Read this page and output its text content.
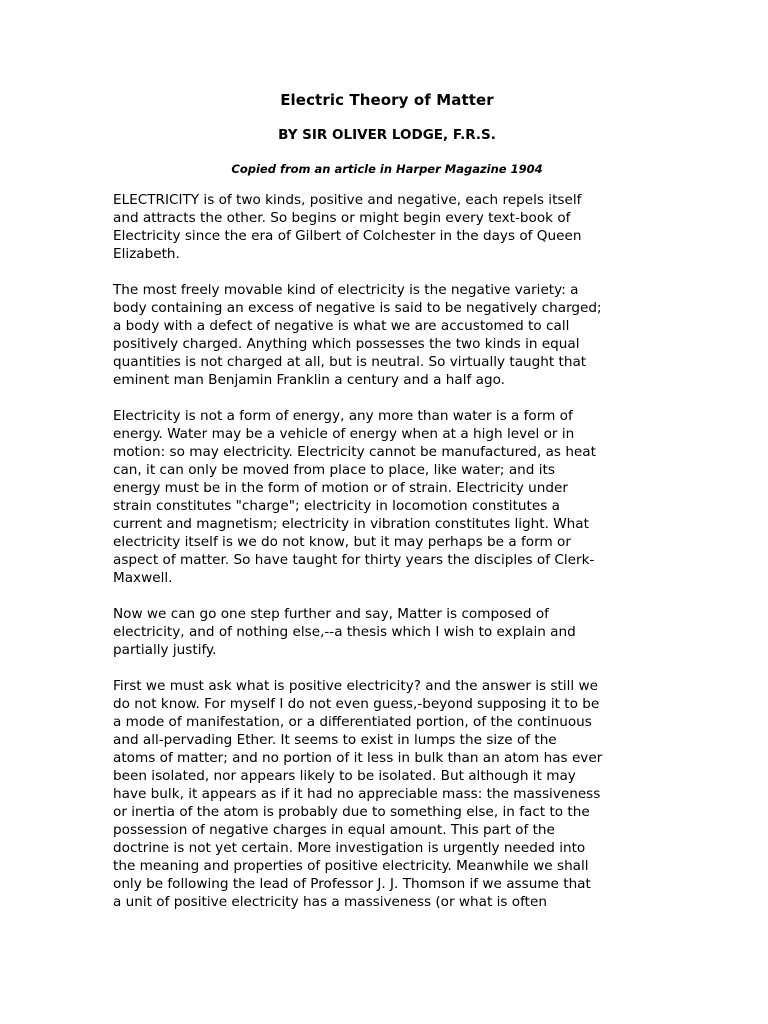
Electric Theory of Matter
BY SIR OLIVER LODGE, F.R.S.
Copied from an article in Harper Magazine 1904

ELECTRICITY is of two kinds, positive and negative, each repels itself
and attracts the other. So begins or might begin every text-book of
Electricity since the era of Gilbert of Colchester in the days of Queen
Elizabeth.

The most freely movable kind of electricity is the negative variety: a
body containing an excess of negative is said to be negatively charged;
a body with a defect of negative is what we are accustomed to call
positively charged. Anything which possesses the two kinds in equal
quantities is not charged at all, but is neutral. So virtually taught that
eminent man Benjamin Franklin a century and a half ago.

Electricity is not a form of energy, any more than water is a form of
energy. Water may be a vehicle of energy when at a high level or in
motion: so may electricity. Electricity cannot be manufactured, as heat
can, it can only be moved from place to place, like water; and its
energy must be in the form of motion or of strain. Electricity under
strain constitutes "charge"; electricity in locomotion constitutes a
current and magnetism; electricity in vibration constitutes light. What
electricity itself is we do not know, but it may perhaps be a form or
aspect of matter. So have taught for thirty years the disciples of Clerk-
Maxwell.

Now we can go one step further and say, Matter is composed of
electricity, and of nothing else,--a thesis which I wish to explain and
partially justify.

First we must ask what is positive electricity? and the answer is still we
do not know. For myself I do not even guess,-beyond supposing it to be
a mode of manifestation, or a differentiated portion, of the continuous
and all-pervading Ether. It seems to exist in lumps the size of the
atoms of matter; and no portion of it less in bulk than an atom has ever
been isolated, nor appears likely to be isolated. But although it may
have bulk, it appears as if it had no appreciable mass: the massiveness
or inertia of the atom is probably due to something else, in fact to the
possession of negative charges in equal amount. This part of the
doctrine is not yet certain. More investigation is urgently needed into
the meaning and properties of positive electricity. Meanwhile we shall
only be following the lead of Professor J. J. Thomson if we assume that
a unit of positive electricity has a massiveness (or what is often
